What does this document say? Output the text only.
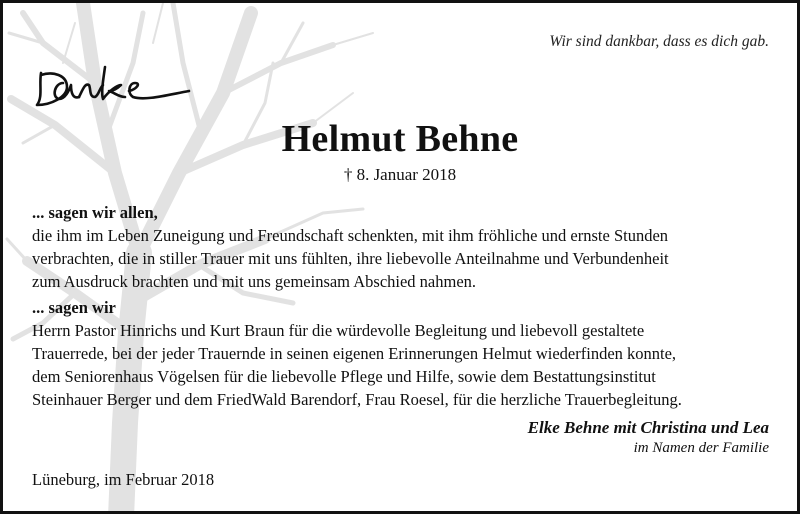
Wir sind dankbar, dass es dich gab.
Helmut Behne
† 8. Januar 2018
... sagen wir allen,
die ihm im Leben Zuneigung und Freundschaft schenkten, mit ihm fröhliche und ernste Stunden
verbrachten, die in stiller Trauer mit uns fühlten, ihre liebevolle Anteilnahme und Verbundenheit
zum Ausdruck brachten und mit uns gemeinsam Abschied nahmen.
... sagen wir
Herrn Pastor Hinrichs und Kurt Braun für die würdevolle Begleitung und liebevoll gestaltete
Trauerrede, bei der jeder Trauernde in seinen eigenen Erinnerungen Helmut wiederfinden konnte,
dem Seniorenhaus Vögelsen für die liebevolle Pflege und Hilfe, sowie dem Bestattungsinstitut
Steinhauer Berger und dem FriedWald Barendorf, Frau Roesel, für die herzliche Trauerbegleitung.
Elke Behne mit Christina und Lea
im Namen der Familie
Lüneburg, im Februar 2018
